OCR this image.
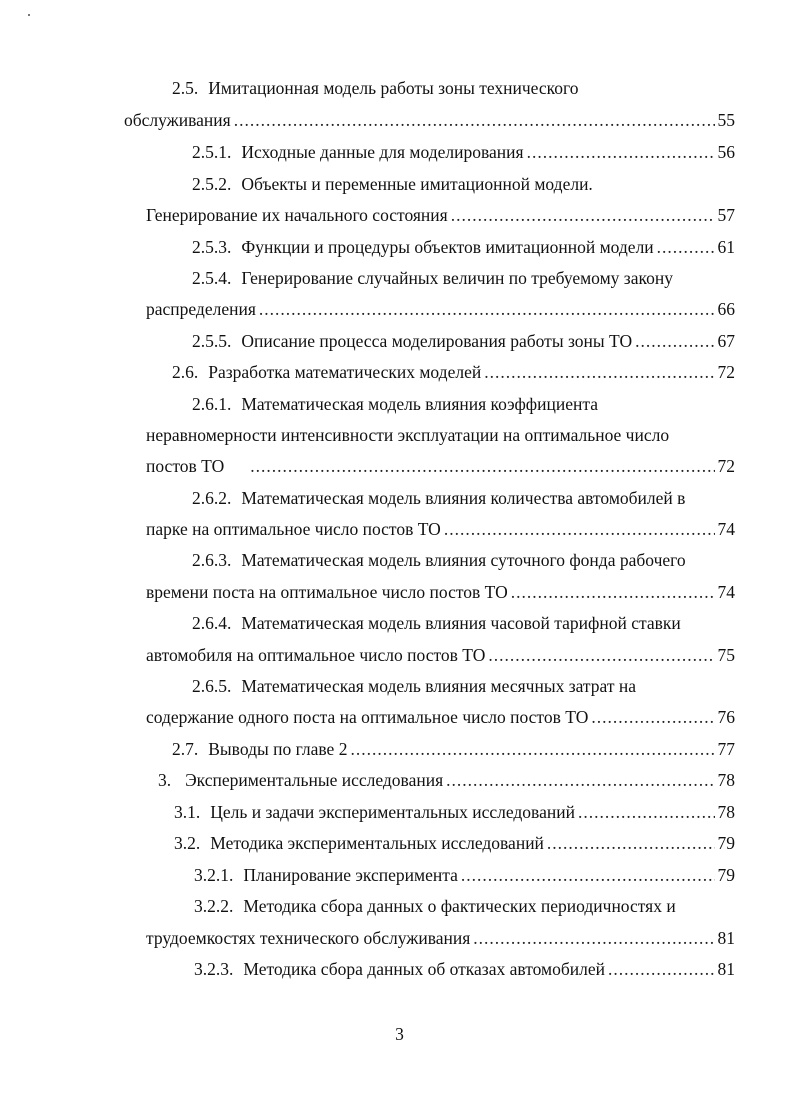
2.5. Имитационная модель работы зоны технического
обслуживания .....	55
2.5.1. Исходные данные для моделирования .....	56
2.5.2. Объекты и переменные имитационной модели.
Генерирование их начального состояния .....	57
2.5.3. Функции и процедуры объектов имитационной модели .....	61
2.5.4. Генерирование случайных величин по требуемому закону
распределения .....	66
2.5.5. Описание процесса моделирования работы зоны ТО .....	67
2.6. Разработка математических моделей .....	72
2.6.1. Математическая модель влияния коэффициента
неравномерности интенсивности эксплуатации на оптимальное число
постов ТО .....	72
2.6.2. Математическая модель влияния количества автомобилей в
парке на оптимальное число постов ТО .....	74
2.6.3. Математическая модель влияния суточного фонда рабочего
времени поста на оптимальное число постов ТО .....	74
2.6.4. Математическая модель влияния часовой тарифной ставки
автомобиля на оптимальное число постов ТО .....	75
2.6.5. Математическая модель влияния месячных затрат на
содержание одного поста на оптимальное число постов ТО .....	76
2.7. Выводы по главе 2 .....	77
3. Экспериментальные исследования .....	78
3.1. Цель и задачи экспериментальных исследований .....	78
3.2. Методика экспериментальных исследований .....	79
3.2.1. Планирование эксперимента .....	79
3.2.2. Методика сбора данных о фактических периодичностях и
трудоемкостях технического обслуживания .....	81
3.2.3. Методика сбора данных об отказах автомобилей .....	81
3
